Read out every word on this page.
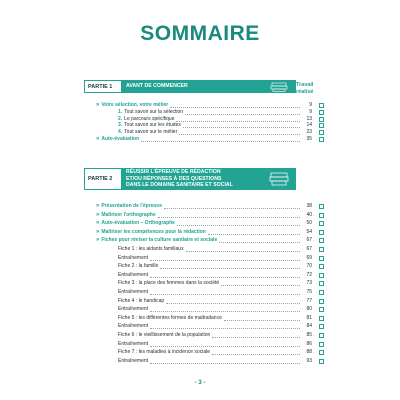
SOMMAIRE
Travail
réalisé
PARTIE 1	AVANT DE COMMENCER
» Votre sélection, votre métier	9
1. Tout savoir sur la sélection	9
2. Le parcours spécifique	13
3. Tout savoir sur les études	14
4. Tout savoir sur le métier	23
» Auto-évaluation	35
PARTIE 2
RÉUSSIR L'ÉPREUVE DE RÉDACTION
ET/OU RÉPONSES À DES QUESTIONS
DANS LE DOMAINE SANITAIRE ET SOCIAL
» Présentation de l'épreuve	38
» Maîtriser l'orthographe	40
» Auto-évaluation – Orthographe	50
» Maîtriser les compétences pour la rédaction	54
» Fiches pour réviser la culture sanitaire et sociale	67
Fiche 1 : les aidants familiaux	67
Entraînement	69
Fiche 2 : la famille	70
Entraînement	72
Fiche 3 : la place des femmes dans la société	73
Entraînement	75
Fiche 4 : le handicap	77
Entraînement	80
Fiche 5 : les différentes formes de maltraitance	81
Entraînement	84
Fiche 6 : le vieillissement de la population	85
Entraînement	86
Fiche 7 : les maladies à incidence sociale	88
Entraînement	93
- 3 -
